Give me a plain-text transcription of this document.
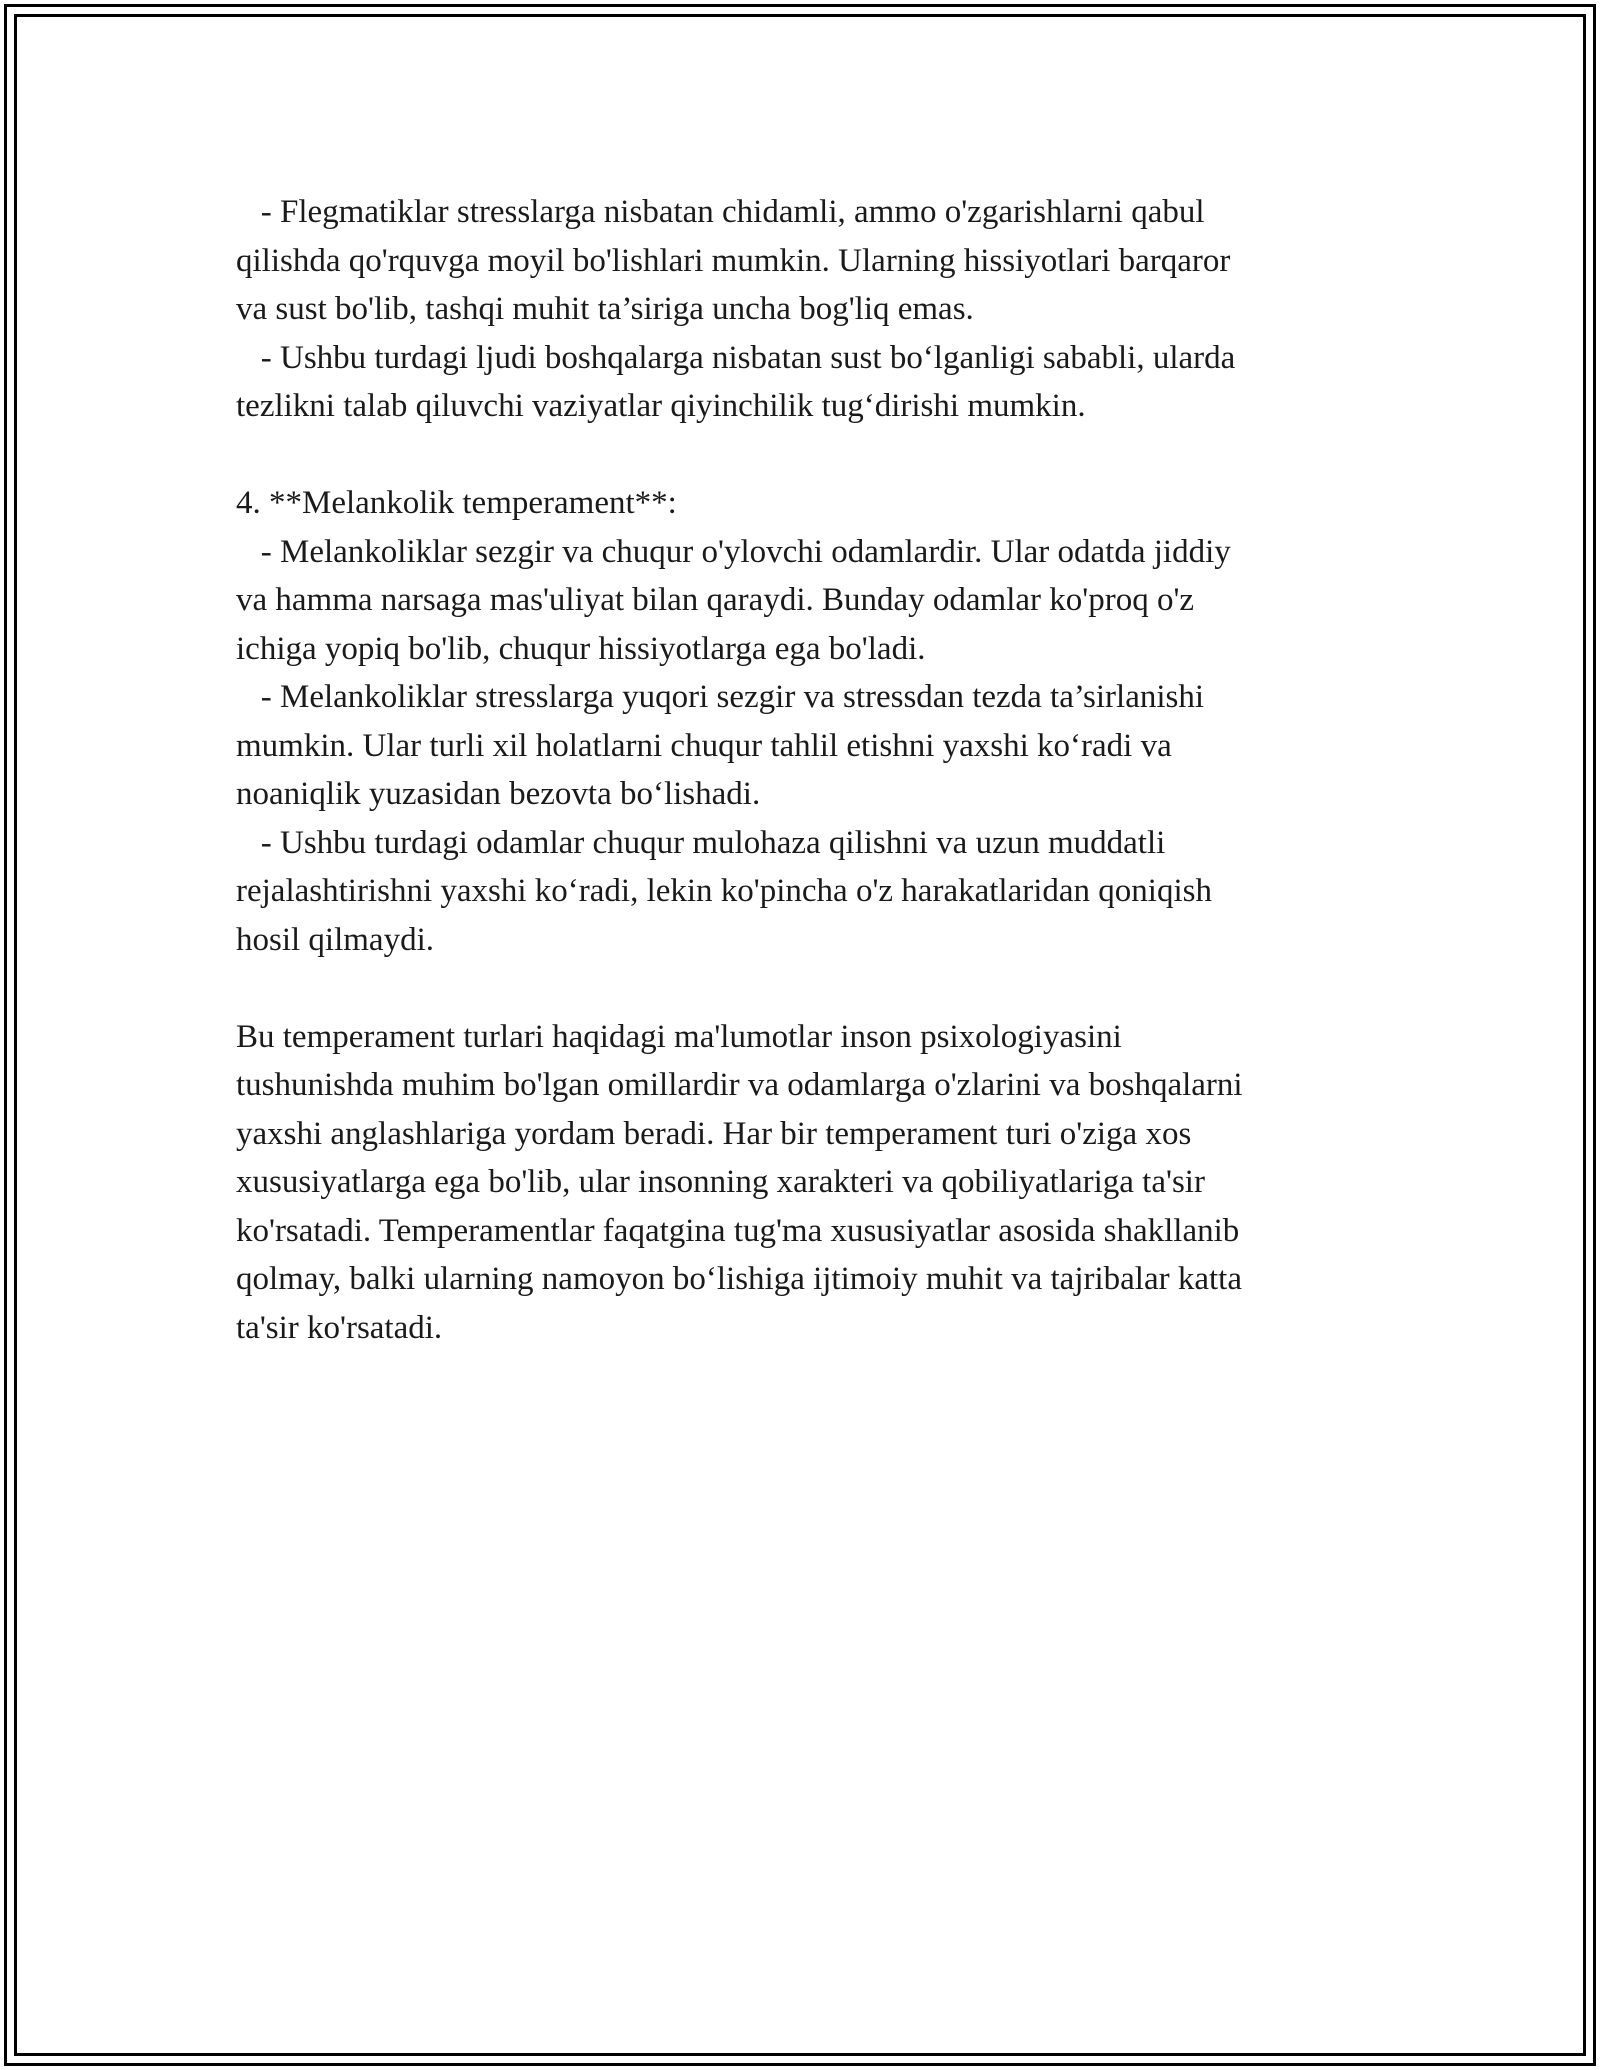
- Flegmatiklar stresslarga nisbatan chidamli, ammo o'zgarishlarni qabul
qilishda qo'rquvga moyil bo'lishlari mumkin. Ularning hissiyotlari barqaror
va sust bo'lib, tashqi muhit ta’siriga uncha bog'liq emas.
- Ushbu turdagi ljudi boshqalarga nisbatan sust bo‘lganligi sababli, ulardа
tezlikni talab qiluvchi vaziyatlar qiyinchilik tug‘dirishi mumkin.
4. **Melankolik temperament**:
- Melankoliklar sezgir va chuqur o'ylovchi odamlardir. Ular odatda jiddiy
va hamma narsaga mas'uliyat bilan qaraydi. Bunday odamlar ko'proq o'z
ichiga yopiq bo'lib, chuqur hissiyotlarga ega bo'ladi.
- Melankoliklar stresslarga yuqori sezgir va stressdan tezda ta’sirlanishi
mumkin. Ular turli xil holatlarni chuqur tahlil etishni yaxshi ko‘radi va
noaniqlik yuzasidan bezovta bo‘lishadi.
- Ushbu turdagi odamlar chuqur mulohaza qilishni va uzun muddatli
rejalashtirishni yaxshi ko‘radi, lekin ko'pincha o'z harakatlaridan qoniqish
hosil qilmaydi.
Bu temperament turlari haqidagi ma'lumotlar inson psixologiyasini
tushunishda muhim bo'lgan omillardir va odamlarga o'zlarini va boshqalarni
yaxshi anglashlariga yordam beradi. Har bir temperament turi o'ziga xos
xususiyatlarga ega bo'lib, ular insonning xarakteri va qobiliyatlariga ta'sir
ko'rsatadi. Temperamentlar faqatgina tug'ma xususiyatlar asosida shakllanib
qolmay, balki ularning namoyon bo‘lishiga ijtimoiy muhit va tajribalar katta
ta'sir ko'rsatadi.
